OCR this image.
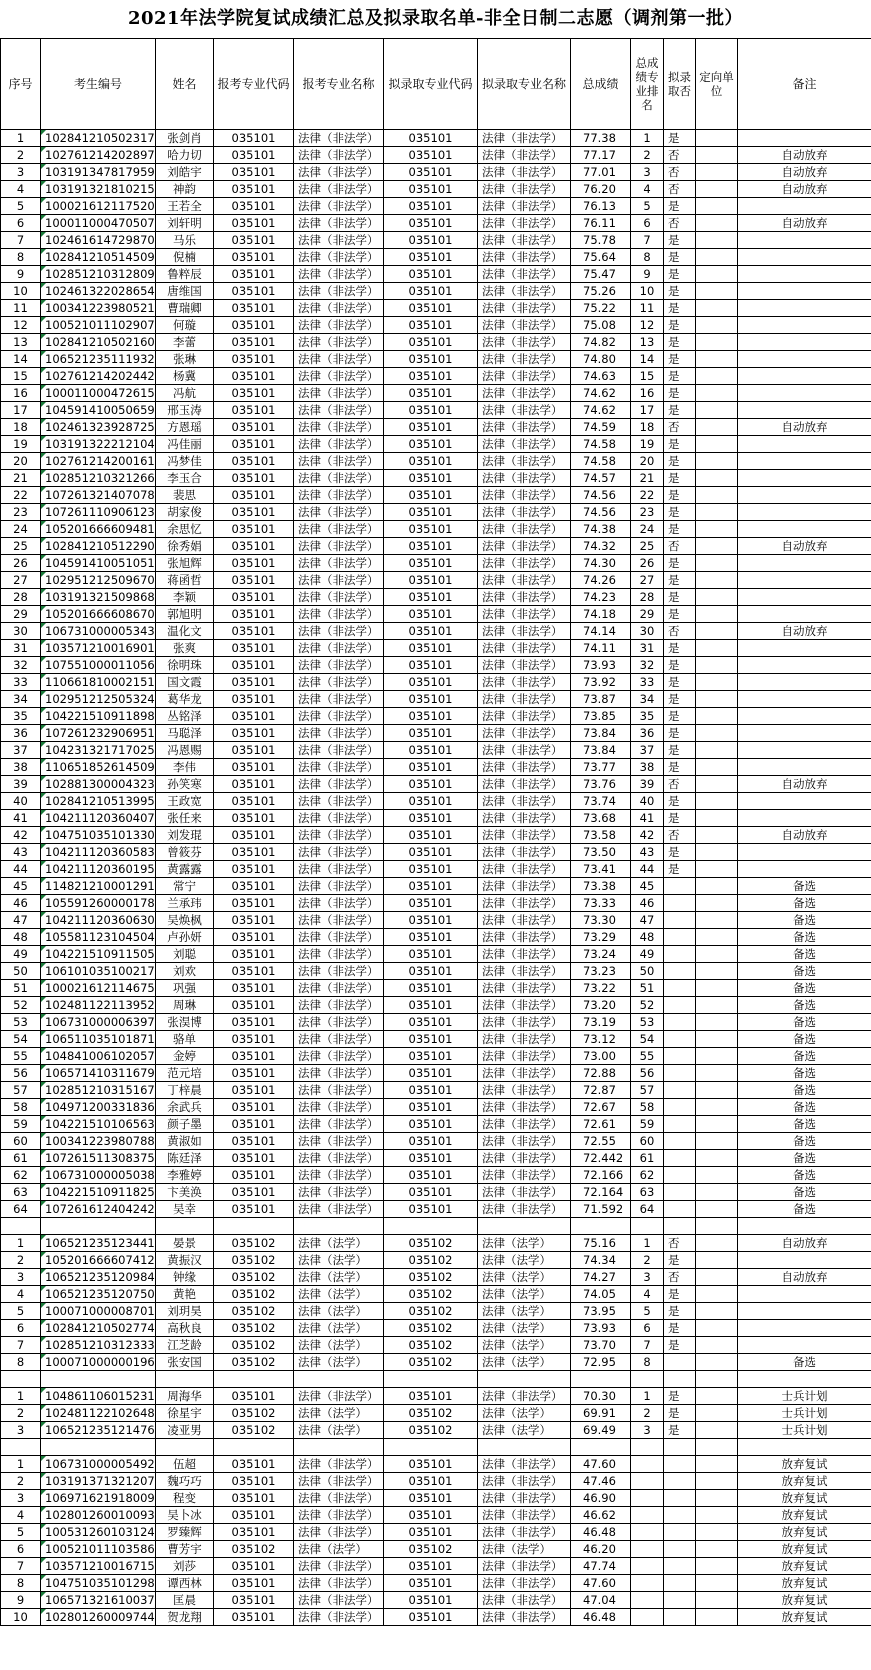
2021年法学院复试成绩汇总及拟录取名单-非全日制二志愿（调剂第一批）
序号	考生编号	姓名	报考专业代码	报考专业名称	拟录取专业代码	拟录取专业名称	总成绩	总成绩专业排名	拟录取否	定向单位	备注
1	102841210502317	张剑肖	035101	法律（非法学）	035101	法律（非法学）	77.38	1	是		
2	102761214202897	哈力切	035101	法律（非法学）	035101	法律（非法学）	77.17	2	否		自动放弃
3	103191347817959	刘皓宇	035101	法律（非法学）	035101	法律（非法学）	77.01	3	否		自动放弃
4	103191321810215	神韵	035101	法律（非法学）	035101	法律（非法学）	76.20	4	否		自动放弃
5	100021612117520	王若全	035101	法律（非法学）	035101	法律（非法学）	76.13	5	是		
6	100011000470507	刘轩明	035101	法律（非法学）	035101	法律（非法学）	76.11	6	否		自动放弃
7	102461614729870	马乐	035101	法律（非法学）	035101	法律（非法学）	75.78	7	是		
8	102841210514509	倪楠	035101	法律（非法学）	035101	法律（非法学）	75.64	8	是		
9	102851210312809	鲁粹辰	035101	法律（非法学）	035101	法律（非法学）	75.47	9	是		
10	102461322028654	唐维国	035101	法律（非法学）	035101	法律（非法学）	75.26	10	是		
11	100341223980521	曹瑞卿	035101	法律（非法学）	035101	法律（非法学）	75.22	11	是		
12	100521011102907	何璇	035101	法律（非法学）	035101	法律（非法学）	75.08	12	是		
13	102841210502160	李蕾	035101	法律（非法学）	035101	法律（非法学）	74.82	13	是		
14	106521235111932	张琳	035101	法律（非法学）	035101	法律（非法学）	74.80	14	是		
15	102761214202442	杨冀	035101	法律（非法学）	035101	法律（非法学）	74.63	15	是		
16	100011000472615	冯航	035101	法律（非法学）	035101	法律（非法学）	74.62	16	是		
17	104591410050659	邢玉涛	035101	法律（非法学）	035101	法律（非法学）	74.62	17	是		
18	102461323928725	方恩瑶	035101	法律（非法学）	035101	法律（非法学）	74.59	18	否		自动放弃
19	103191322212104	冯佳丽	035101	法律（非法学）	035101	法律（非法学）	74.58	19	是		
20	102761214200161	冯梦佳	035101	法律（非法学）	035101	法律（非法学）	74.58	20	是		
21	102851210321266	李玉合	035101	法律（非法学）	035101	法律（非法学）	74.57	21	是		
22	107261321407078	裴思	035101	法律（非法学）	035101	法律（非法学）	74.56	22	是		
23	107261110906123	胡家俊	035101	法律（非法学）	035101	法律（非法学）	74.56	23	是		
24	105201666609481	余思忆	035101	法律（非法学）	035101	法律（非法学）	74.38	24	是		
25	102841210512290	徐秀娟	035101	法律（非法学）	035101	法律（非法学）	74.32	25	否		自动放弃
26	104591410051051	张旭辉	035101	法律（非法学）	035101	法律（非法学）	74.30	26	是		
27	102951212509670	蒋函哲	035101	法律（非法学）	035101	法律（非法学）	74.26	27	是		
28	103191321509868	李颖	035101	法律（非法学）	035101	法律（非法学）	74.23	28	是		
29	105201666608670	郭旭明	035101	法律（非法学）	035101	法律（非法学）	74.18	29	是		
30	106731000005343	温化文	035101	法律（非法学）	035101	法律（非法学）	74.14	30	否		自动放弃
31	103571210016901	张爽	035101	法律（非法学）	035101	法律（非法学）	74.11	31	是		
32	107551000011056	徐明珠	035101	法律（非法学）	035101	法律（非法学）	73.93	32	是		
33	110661810002151	国文霞	035101	法律（非法学）	035101	法律（非法学）	73.92	33	是		
34	102951212505324	葛华龙	035101	法律（非法学）	035101	法律（非法学）	73.87	34	是		
35	104221510911898	丛铭泽	035101	法律（非法学）	035101	法律（非法学）	73.85	35	是		
36	107261232906951	马聪泽	035101	法律（非法学）	035101	法律（非法学）	73.84	36	是		
37	104231321717025	冯恩赐	035101	法律（非法学）	035101	法律（非法学）	73.84	37	是		
38	110651852614509	李伟	035101	法律（非法学）	035101	法律（非法学）	73.77	38	是		
39	102881300004323	孙笑寒	035101	法律（非法学）	035101	法律（非法学）	73.76	39	否		自动放弃
40	102841210513995	王政宽	035101	法律（非法学）	035101	法律（非法学）	73.74	40	是		
41	104211120360407	张任来	035101	法律（非法学）	035101	法律（非法学）	73.68	41	是		
42	104751035101330	刘发琨	035101	法律（非法学）	035101	法律（非法学）	73.58	42	否		自动放弃
43	104211120360583	曾筱芬	035101	法律（非法学）	035101	法律（非法学）	73.50	43	是		
44	104211120360195	黄露露	035101	法律（非法学）	035101	法律（非法学）	73.41	44	是		
45	114821210001291	常宁	035101	法律（非法学）	035101	法律（非法学）	73.38	45			备选
46	105591260000178	兰承玮	035101	法律（非法学）	035101	法律（非法学）	73.33	46			备选
47	104211120360630	吴焕枫	035101	法律（非法学）	035101	法律（非法学）	73.30	47			备选
48	105581123104504	卢孙妍	035101	法律（非法学）	035101	法律（非法学）	73.29	48			备选
49	104221510911505	刘聪	035101	法律（非法学）	035101	法律（非法学）	73.24	49			备选
50	106101035100217	刘欢	035101	法律（非法学）	035101	法律（非法学）	73.23	50			备选
51	100021612114675	巩强	035101	法律（非法学）	035101	法律（非法学）	73.22	51			备选
52	102481122113952	周琳	035101	法律（非法学）	035101	法律（非法学）	73.20	52			备选
53	106731000006397	张淏博	035101	法律（非法学）	035101	法律（非法学）	73.19	53			备选
54	106511035101871	骆单	035101	法律（非法学）	035101	法律（非法学）	73.12	54			备选
55	104841006102057	金婷	035101	法律（非法学）	035101	法律（非法学）	73.00	55			备选
56	106571410311679	范元培	035101	法律（非法学）	035101	法律（非法学）	72.88	56			备选
57	102851210315167	丁梓晨	035101	法律（非法学）	035101	法律（非法学）	72.87	57			备选
58	104971200331836	余武兵	035101	法律（非法学）	035101	法律（非法学）	72.67	58			备选
59	104221510106563	颜子墨	035101	法律（非法学）	035101	法律（非法学）	72.61	59			备选
60	100341223980788	黄淑如	035101	法律（非法学）	035101	法律（非法学）	72.55	60			备选
61	107261511308375	陈廷泽	035101	法律（非法学）	035101	法律（非法学）	72.442	61			备选
62	106731000005038	李雅婷	035101	法律（非法学）	035101	法律（非法学）	72.166	62			备选
63	104221510911825	卞美涣	035101	法律（非法学）	035101	法律（非法学）	72.164	63			备选
64	107261612404242	吴幸	035101	法律（非法学）	035101	法律（非法学）	71.592	64			备选

1	106521235123441	晏景	035102	法律（法学）	035102	法律（法学）	75.16	1	否		自动放弃
2	105201666607412	黄振汉	035102	法律（法学）	035102	法律（法学）	74.34	2	是		
3	106521235120984	钟缘	035102	法律（法学）	035102	法律（法学）	74.27	3	否		自动放弃
4	106521235120750	黄艳	035102	法律（法学）	035102	法律（法学）	74.05	4	是		
5	100071000008701	刘玥昊	035102	法律（法学）	035102	法律（法学）	73.95	5	是		
6	102841210502774	高秋良	035102	法律（法学）	035102	法律（法学）	73.93	6	是		
7	102851210312333	江芝龄	035102	法律（法学）	035102	法律（法学）	73.70	7	是		
8	100071000000196	张安国	035102	法律（法学）	035102	法律（法学）	72.95	8			备选

1	104861106015231	周海华	035101	法律（非法学）	035101	法律（非法学）	70.30	1	是		士兵计划
2	102481122102648	徐星宇	035102	法律（法学）	035102	法律（法学）	69.91	2	是		士兵计划
3	106521235121476	凌亚男	035102	法律（法学）	035102	法律（法学）	69.49	3	是		士兵计划

1	106731000005492	伍超	035101	法律（非法学）	035101	法律（非法学）	47.60				放弃复试
2	103191371321207	魏巧巧	035101	法律（非法学）	035101	法律（非法学）	47.46				放弃复试
3	106971621918009	程变	035101	法律（非法学）	035101	法律（非法学）	46.90				放弃复试
4	102801260010093	吴卜冰	035101	法律（非法学）	035101	法律（非法学）	46.62				放弃复试
5	100531260103124	罗臻辉	035101	法律（非法学）	035101	法律（非法学）	46.48				放弃复试
6	100521011103586	曹芳宇	035102	法律（法学）	035102	法律（法学）	46.20				放弃复试
7	103571210016715	刘莎	035101	法律（非法学）	035101	法律（非法学）	47.74				放弃复试
8	104751035101298	谭西林	035101	法律（非法学）	035101	法律（非法学）	47.60				放弃复试
9	106571321610037	匡晨	035101	法律（非法学）	035101	法律（非法学）	47.04				放弃复试
10	102801260009744	贺龙翔	035101	法律（非法学）	035101	法律（非法学）	46.48				放弃复试
